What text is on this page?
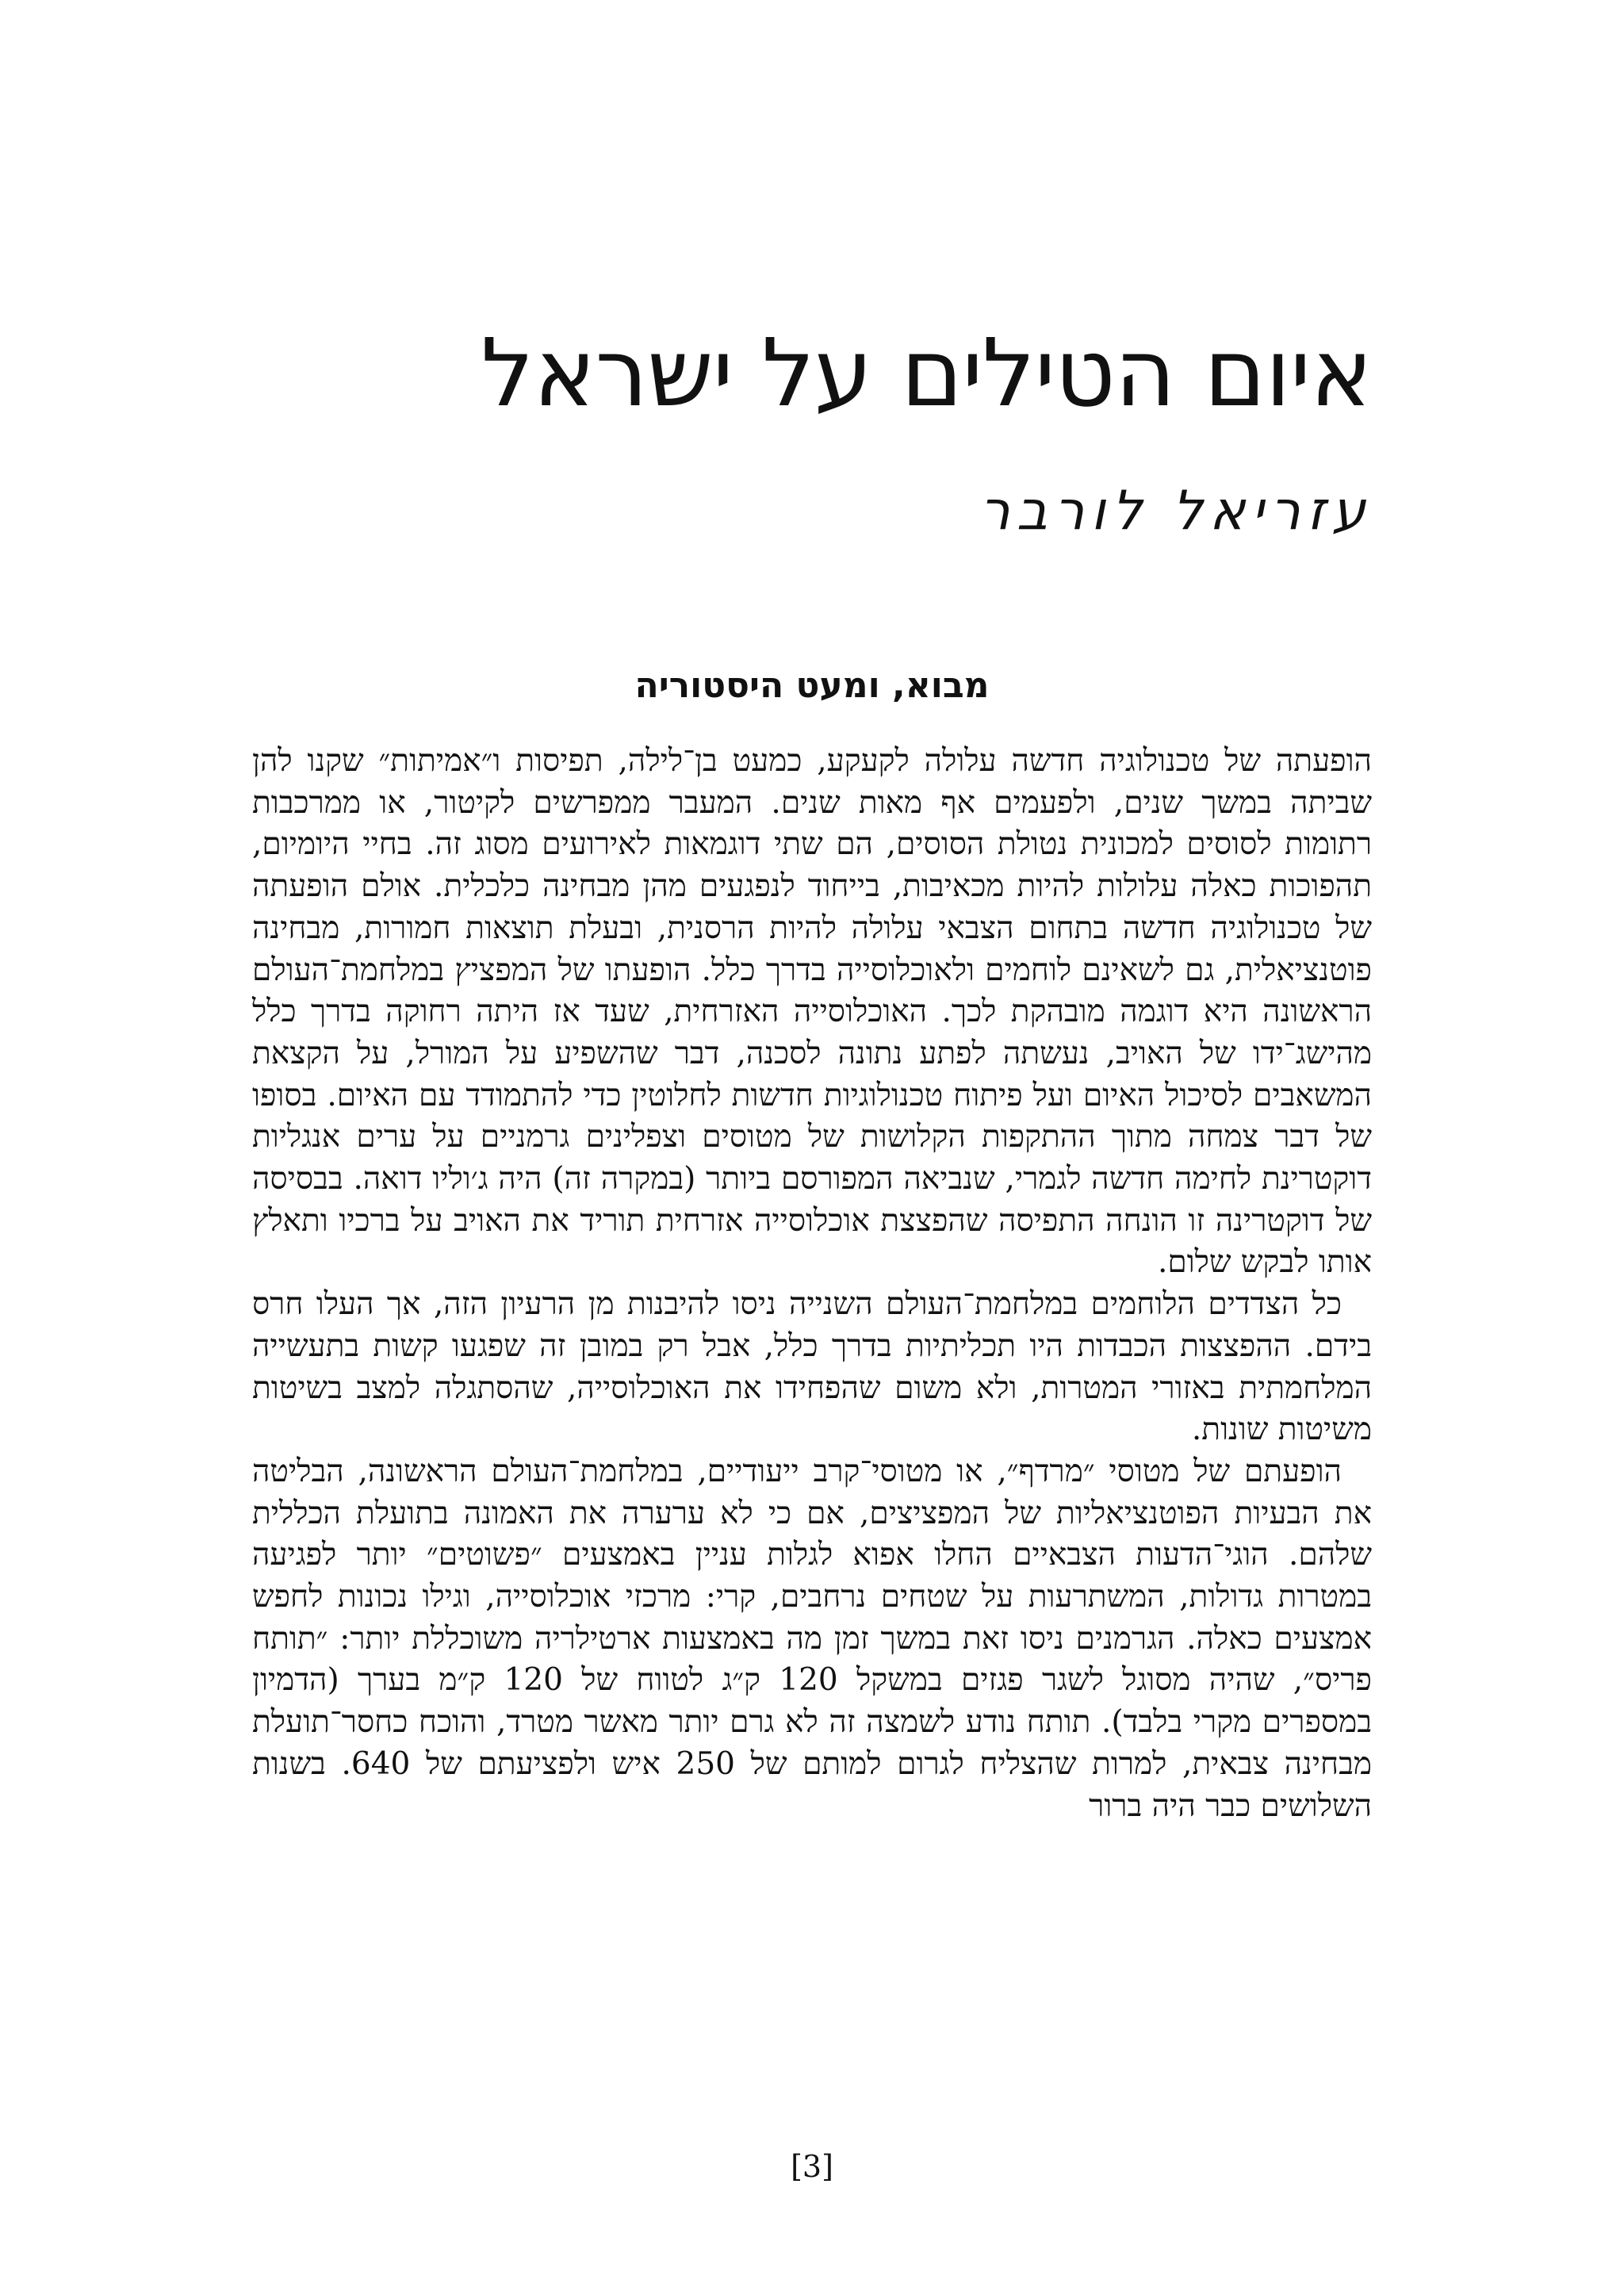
איום הטילים על ישראל
עזריאל לורבר
מבוא, ומעט היסטוריה

הופעתה של טכנולוגיה חדשה עלולה לקעקע, כמעט בן־לילה, תפיסות ו״אמיתות״ שקנו להן שביתה במשך שנים, ולפעמים אף מאות שנים. המעבר ממפרשים לקיטור, או ממרכבות רתומות לסוסים למכונית נטולת הסוסים, הם שתי דוגמאות לאירועים מסוג זה. בחיי היומיום, תהפוכות כאלה עלולות להיות מכאיבות, בייחוד לנפגעים מהן מבחינה כלכלית. אולם הופעתה של טכנולוגיה חדשה בתחום הצבאי עלולה להיות הרסנית, ובעלת תוצאות חמורות, מבחינה פוטנציאלית, גם לשאינם לוחמים ולאוכלוסייה בדרך כלל. הופעתו של המפציץ במלחמת־העולם הראשונה היא דוגמה מובהקת לכך. האוכלוסייה האזרחית, שעד אז היתה רחוקה בדרך כלל מהישג־ידו של האויב, נעשתה לפתע נתונה לסכנה, דבר שהשפיע על המורל, על הקצאת המשאבים לסיכול האיום ועל פיתוח טכנולוגיות חדשות לחלוטין כדי להתמודד עם האיום. בסופו של דבר צמחה מתוך ההתקפות הקלושות של מטוסים וצפלינים גרמניים על ערים אנגליות דוקטרינת לחימה חדשה לגמרי, שנביאה המפורסם ביותר (במקרה זה) היה ג׳וליו דואה. בבסיסה של דוקטרינה זו הונחה התפיסה שהפצצת אוכלוסייה אזרחית תוריד את האויב על ברכיו ותאלץ אותו לבקש שלום.

כל הצדדים הלוחמים במלחמת־העולם השנייה ניסו להיבנות מן הרעיון הזה, אך העלו חרס בידם. ההפצצות הכבדות היו תכליתיות בדרך כלל, אבל רק במובן זה שפגעו קשות בתעשייה המלחמתית באזורי המטרות, ולא משום שהפחידו את האוכלוסייה, שהסתגלה למצב בשיטות משיטות שונות.

הופעתם של מטוסי ״מרדף״, או מטוסי־קרב ייעודיים, במלחמת־העולם הראשונה, הבליטה את הבעיות הפוטנציאליות של המפציצים, אם כי לא ערערה את האמונה בתועלת הכללית שלהם. הוגי־הדעות הצבאיים החלו אפוא לגלות עניין באמצעים ״פשוטים״ יותר לפגיעה במטרות גדולות, המשתרעות על שטחים נרחבים, קרי: מרכזי אוכלוסייה, וגילו נכונות לחפש אמצעים כאלה. הגרמנים ניסו זאת במשך זמן מה באמצעות ארטילריה משוכללת יותר: ״תותח פריס״, שהיה מסוגל לשגר פגזים במשקל 120 ק״ג לטווח של 120 ק״מ בערך (הדמיון במספרים מקרי בלבד). תותח נודע לשמצה זה לא גרם יותר מאשר מטרד, והוכח כחסר־תועלת מבחינה צבאית, למרות שהצליח לגרום למותם של 250 איש ולפציעתם של 640. בשנות השלושים כבר היה ברור

[3]
